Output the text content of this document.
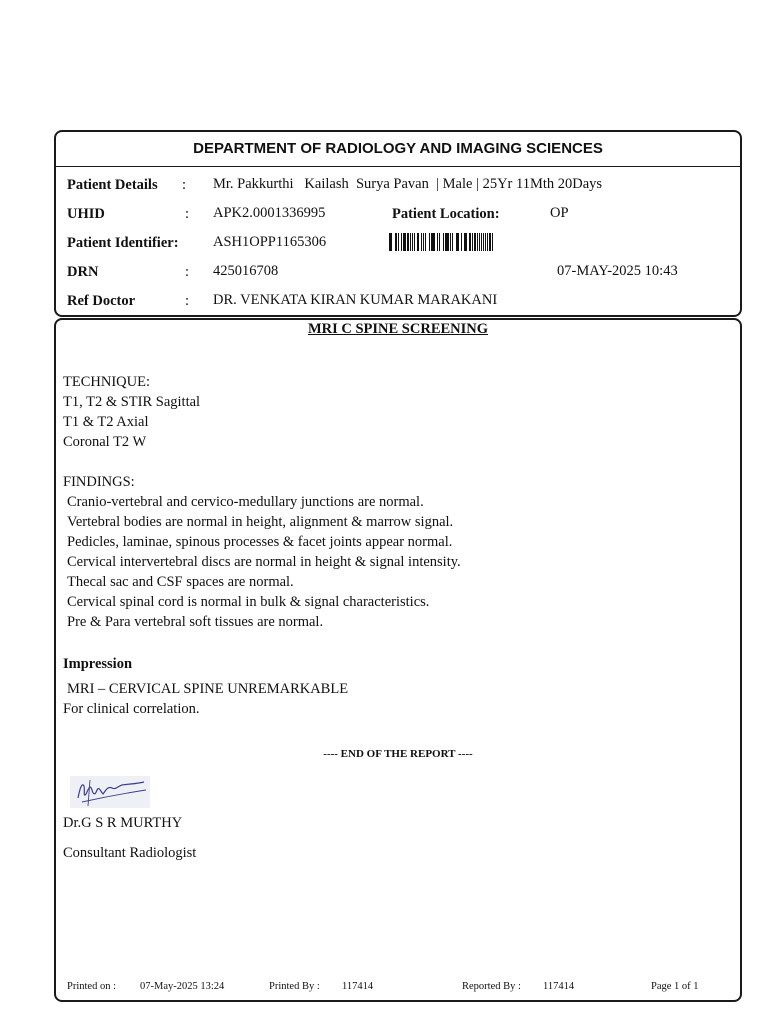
DEPARTMENT OF RADIOLOGY AND IMAGING SCIENCES
Patient Details : Mr. Pakkurthi   Kailash  Surya Pavan  | Male | 25Yr 11Mth 20Days
UHID	: APK2.0001336995	Patient Location:	OP
Patient Identifier: ASH1OPP1165306
DRN	: 425016708	07-MAY-2025 10:43
Ref Doctor	: DR. VENKATA KIRAN KUMAR MARAKANI
MRI C SPINE SCREENING
TECHNIQUE:
T1, T2 & STIR Sagittal
T1 & T2 Axial
Coronal T2 W
FINDINGS:
Cranio-vertebral and cervico-medullary junctions are normal.
Vertebral bodies are normal in height, alignment & marrow signal.
Pedicles, laminae, spinous processes & facet joints appear normal.
Cervical intervertebral discs are normal in height & signal intensity.
Thecal sac and CSF spaces are normal.
Cervical spinal cord is normal in bulk & signal characteristics.
Pre & Para vertebral soft tissues are normal.
Impression
MRI – CERVICAL SPINE UNREMARKABLE
For clinical correlation.
---- END OF THE REPORT ----
Dr.G S R MURTHY
Consultant Radiologist
Printed on : 07-May-2025 13:24	Printed By : 117414	Reported By : 117414	Page 1 of 1
